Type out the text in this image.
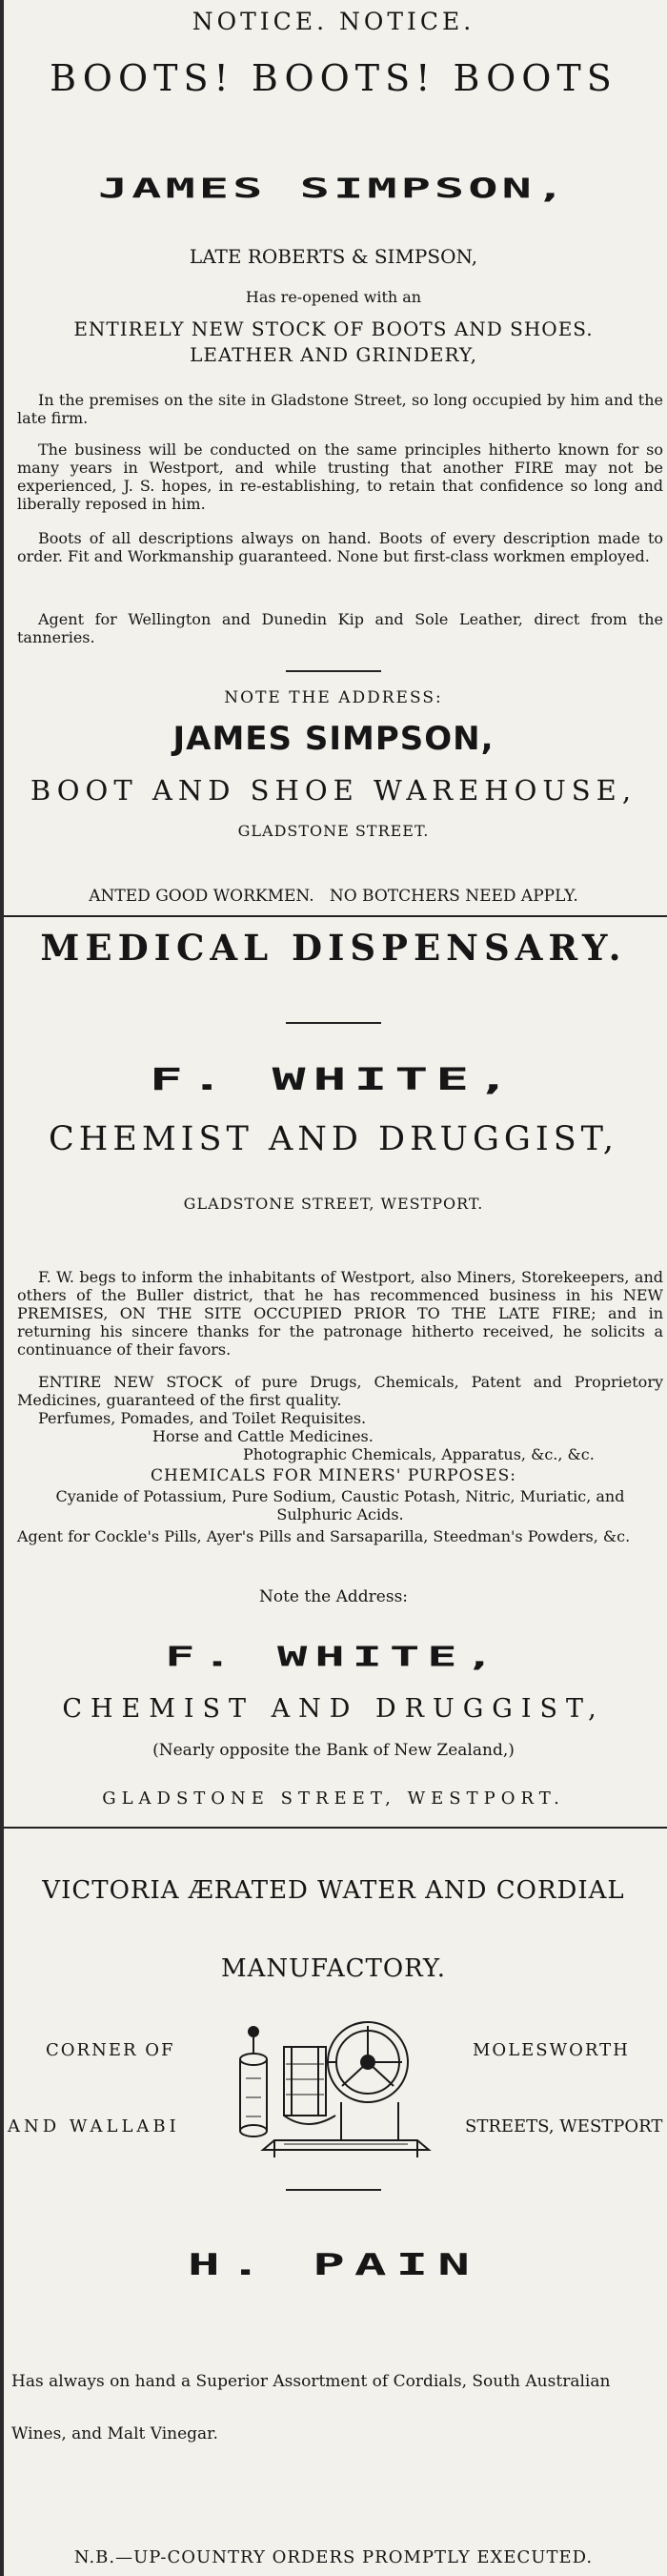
NOTICE. NOTICE.
BOOTS! BOOTS! BOOTS
JAMES SIMPSON,
LATE ROBERTS & SIMPSON,
Has re-opened with an
ENTIRELY NEW STOCK OF BOOTS AND SHOES.
LEATHER AND GRINDERY,
In the premises on the site in Gladstone Street, so long occupied by him and the late firm.
The business will be conducted on the same principles hitherto known for so many years in Westport, and while trusting that another FIRE may not be experienced, J. S. hopes, in re-establishing, to retain that confidence so long and liberally reposed in him.
Boots of all descriptions always on hand. Boots of every description made to order. Fit and Workmanship guaranteed. None but first-class workmen employed.
Agent for Wellington and Dunedin Kip and Sole Leather, direct from the tanneries.
NOTE THE ADDRESS:
JAMES SIMPSON,
BOOT AND SHOE WAREHOUSE,
GLADSTONE STREET.
ANTED GOOD WORKMEN.   NO BOTCHERS NEED APPLY.
MEDICAL DISPENSARY.
F. WHITE,
CHEMIST AND DRUGGIST,
GLADSTONE STREET, WESTPORT.
F. W. begs to inform the inhabitants of Westport, also Miners, Storekeepers, and others of the Buller district, that he has recommenced business in his NEW PREMISES, ON THE SITE OCCUPIED PRIOR TO THE LATE FIRE; and in returning his sincere thanks for the patronage hitherto received, he solicits a continuance of their favors.
ENTIRE NEW STOCK of pure Drugs, Chemicals, Patent and Proprietory Medicines, guaranteed of the first quality.
Perfumes, Pomades, and Toilet Requisites.
Horse and Cattle Medicines.
Photographic Chemicals, Apparatus, &c., &c.
CHEMICALS FOR MINERS' PURPOSES:
Cyanide of Potassium, Pure Sodium, Caustic Potash, Nitric, Muriatic, and Sulphuric Acids.
Agent for Cockle's Pills, Ayer's Pills and Sarsaparilla, Steedman's Powders, &c.
Note the Address:
F. WHITE,
CHEMIST AND DRUGGIST,
(Nearly opposite the Bank of New Zealand,)
GLADSTONE STREET, WESTPORT.
VICTORIA ÆRATED WATER AND CORDIAL
MANUFACTORY.
CORNER OF	MOLESWORTH
AND WALLABI	STREETS, WESTPORT
H. PAIN
Has always on hand a Superior Assortment of Cordials, South Australian
Wines, and Malt Vinegar.
N.B.—UP-COUNTRY ORDERS PROMPTLY EXECUTED.
